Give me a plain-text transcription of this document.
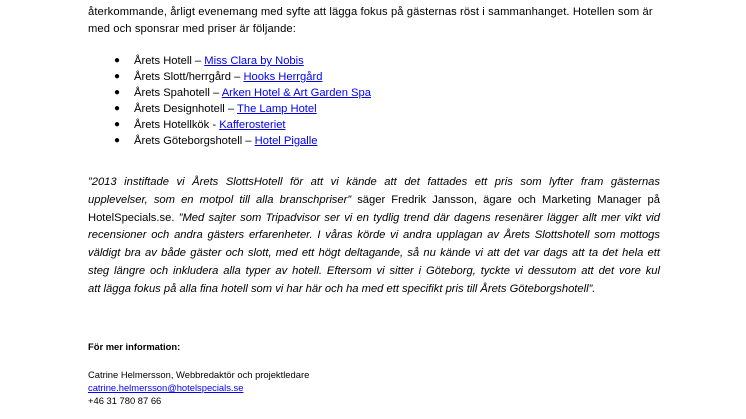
återkommande, årligt evenemang med syfte att lägga fokus på gästernas röst i sammanhanget. Hotellen som är
med och sponsrar med priser är följande:
● Årets Hotell – Miss Clara by Nobis
● Årets Slott/herrgård – Hooks Herrgård
● Årets Spahotell – Arken Hotel & Art Garden Spa
● Årets Designhotell – The Lamp Hotel
● Årets Hotellkök - Kafferosteriet
● Årets Göteborgshotell – Hotel Pigalle
”2013 instiftade vi Årets SlottsHotell för att vi kände att det fattades ett pris som lyfter fram gästernas
upplevelser, som en motpol till alla branschpriser” säger Fredrik Jansson, ägare och Marketing Manager på
HotelSpecials.se. ”Med sajter som Tripadvisor ser vi en tydlig trend där dagens resenärer lägger allt mer vikt vid
recensioner och andra gästers erfarenheter. I våras körde vi andra upplagan av Årets Slottshotell som mottogs
väldigt bra av både gäster och slott, med ett högt deltagande, så nu kände vi att det var dags att ta det hela ett
steg längre och inkludera alla typer av hotell. Eftersom vi sitter i Göteborg, tyckte vi dessutom att det vore kul
att lägga fokus på alla fina hotell som vi har här och ha med ett specifikt pris till Årets Göteborgshotell”.

För mer information:

Catrine Helmersson, Webbredaktör och projektledare
catrine.helmersson@hotelspecials.se
+46 31 780 87 66
